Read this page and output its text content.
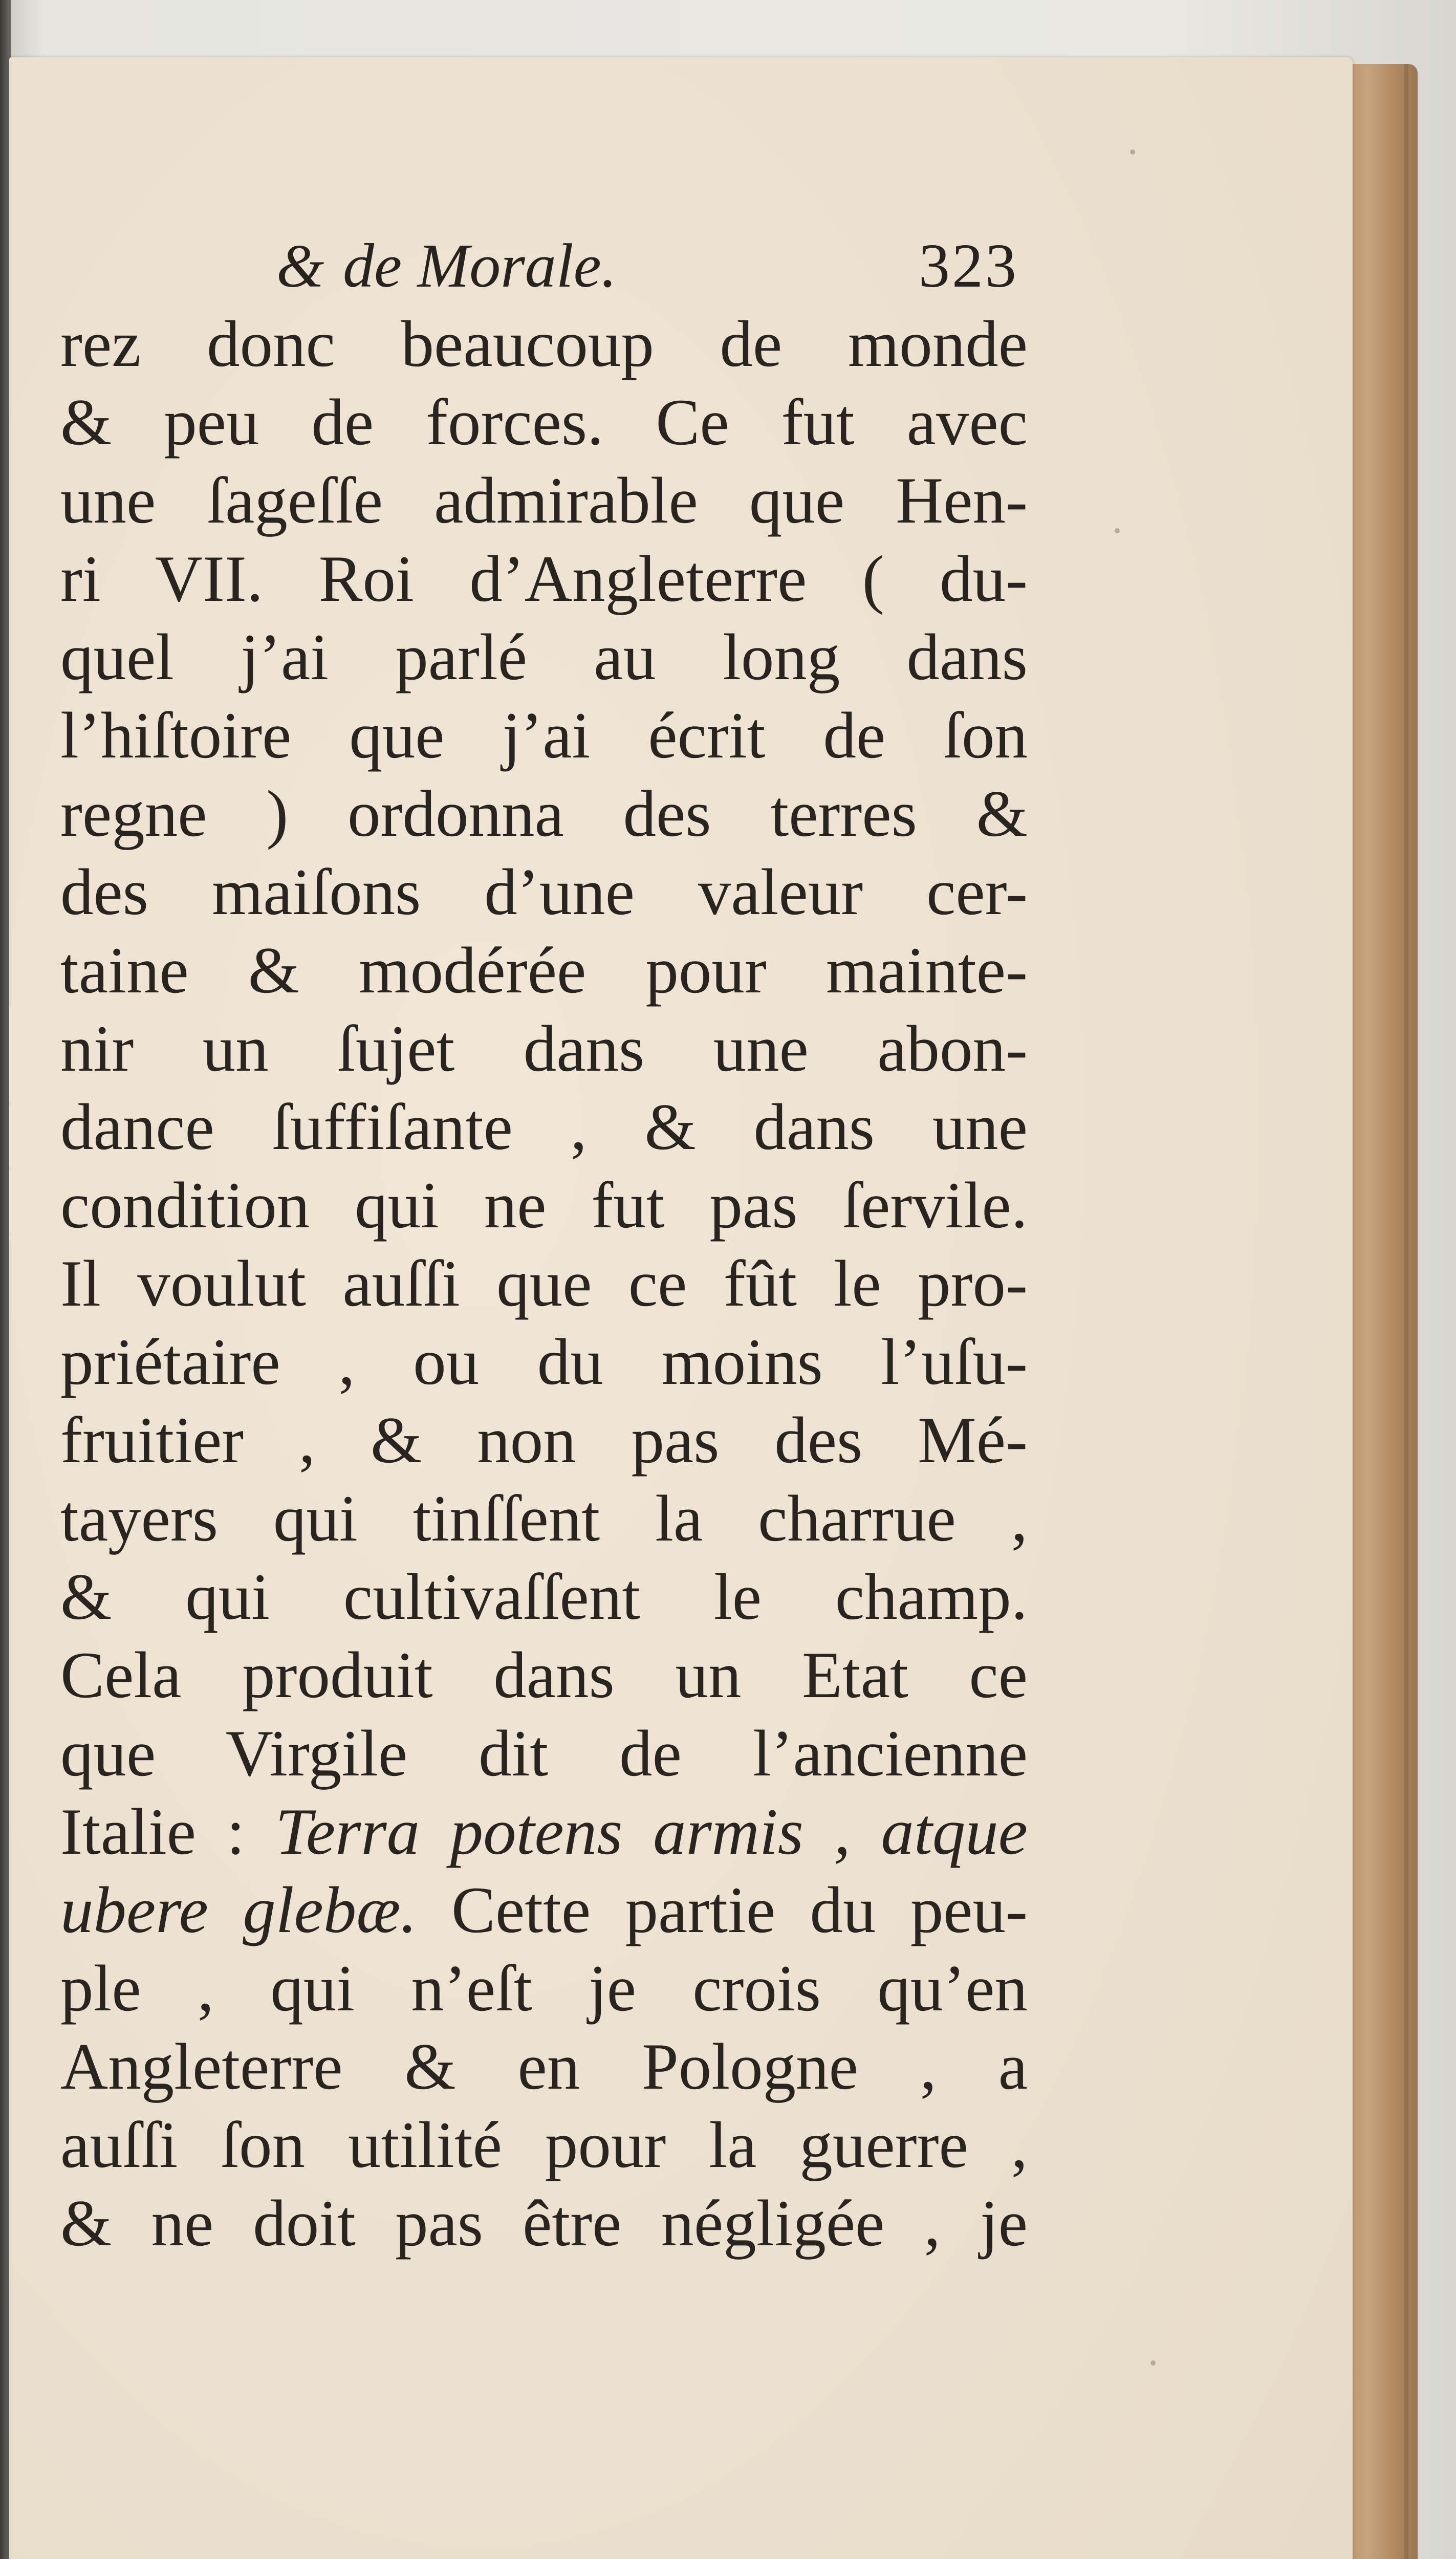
& de Morale.	323
rez donc beaucoup de monde
& peu de forces. Ce fut avec
une ſageſſe admirable que Hen-
ri VII. Roi d’Angleterre ( du-
quel j’ai parlé au long dans
l’hiſtoire que j’ai écrit de ſon
regne ) ordonna des terres &
des maiſons d’une valeur cer-
taine & modérée pour mainte-
nir un ſujet dans une abon-
dance ſuffiſante , & dans une
condition qui ne fut pas ſervile.
Il voulut auſſi que ce fût le pro-
priétaire , ou du moins l’uſu-
fruitier , & non pas des Mé-
tayers qui tinſſent la charrue ,
& qui cultivaſſent le champ.
Cela produit dans un Etat ce
que Virgile dit de l’ancienne
Italie : Terra potens armis , atque
ubere glebæ. Cette partie du peu-
ple , qui n’eſt je crois qu’en
Angleterre & en Pologne , a
auſſi ſon utilité pour la guerre ,
& ne doit pas être négligée , je
